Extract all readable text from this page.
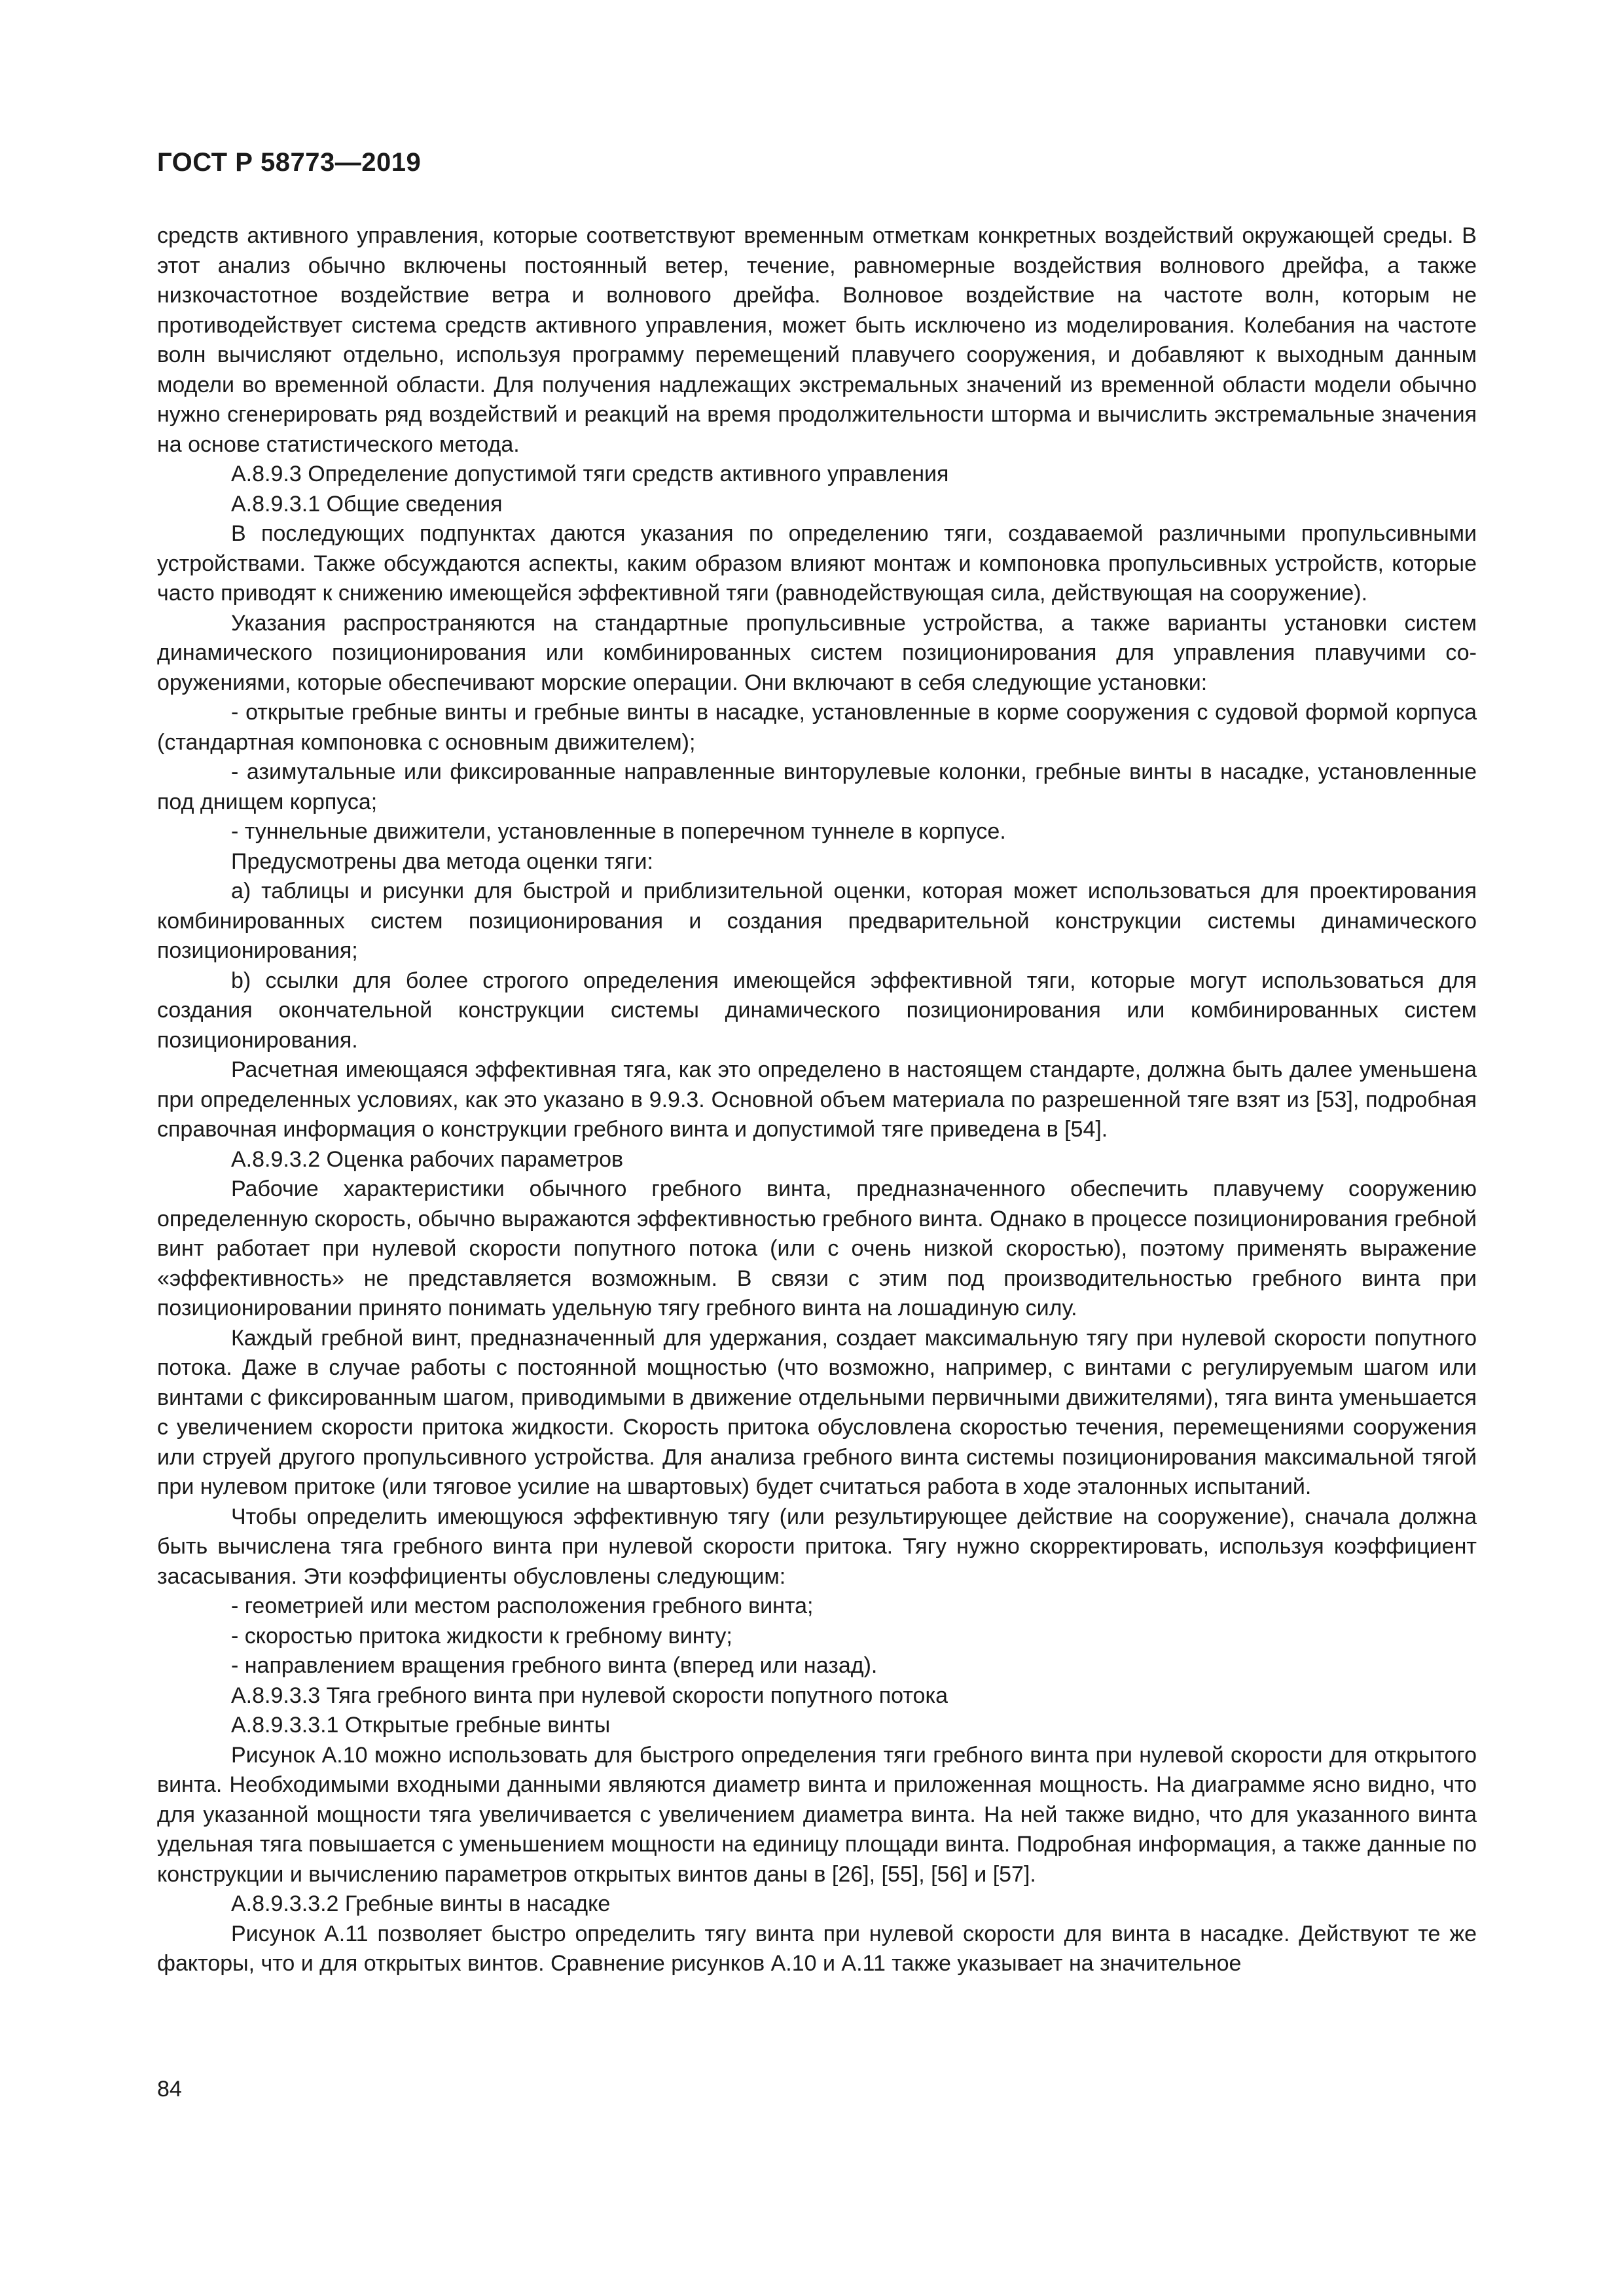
ГОСТ Р 58773—2019

средств активного управления, которые соответствуют временным отметкам конкретных воздействий окружающей среды. В этот анализ обычно включены постоянный ветер, течение, равномерные воздействия волнового дрейфа, а также низкочастотное воздействие ветра и волнового дрейфа. Волновое воздействие на частоте волн, которым не противодействует система средств активного управления, может быть исключено из моделирования. Колебания на частоте волн вычисляют отдельно, используя программу перемещений плавучего сооружения, и добавляют к выходным данным модели во временной области. Для получения надлежащих экстремальных значений из временной области модели обычно нужно сгенерировать ряд воздействий и реакций на время продолжительности шторма и вычислить экстремальные значения на основе статистического метода.

А.8.9.3 Определение допустимой тяги средств активного управления

А.8.9.3.1 Общие сведения

В последующих подпунктах даются указания по определению тяги, создаваемой различными пропульсивными устройствами. Также обсуждаются аспекты, каким образом влияют монтаж и компоновка пропульсивных устройств, которые часто приводят к снижению имеющейся эффективной тяги (равнодействующая сила, действующая на сооружение).

Указания распространяются на стандартные пропульсивные устройства, а также варианты установки систем динамического позиционирования или комбинированных систем позиционирования для управления плавучими сооружениями, которые обеспечивают морские операции. Они включают в себя следующие установки:

- открытые гребные винты и гребные винты в насадке, установленные в корме сооружения с судовой формой корпуса (стандартная компоновка с основным движителем);

- азимутальные или фиксированные направленные винторулевые колонки, гребные винты в насадке, установленные под днищем корпуса;

- туннельные движители, установленные в поперечном туннеле в корпусе.

Предусмотрены два метода оценки тяги:

а) таблицы и рисунки для быстрой и приблизительной оценки, которая может использоваться для проектирования комбинированных систем позиционирования и создания предварительной конструкции системы динамического позиционирования;

b) ссылки для более строгого определения имеющейся эффективной тяги, которые могут использоваться для создания окончательной конструкции системы динамического позиционирования или комбинированных систем позиционирования.

Расчетная имеющаяся эффективная тяга, как это определено в настоящем стандарте, должна быть далее уменьшена при определенных условиях, как это указано в 9.9.3. Основной объем материала по разрешенной тяге взят из [53], подробная справочная информация о конструкции гребного винта и допустимой тяге приведена в [54].

А.8.9.3.2 Оценка рабочих параметров

Рабочие характеристики обычного гребного винта, предназначенного обеспечить плавучему сооружению определенную скорость, обычно выражаются эффективностью гребного винта. Однако в процессе позиционирования гребной винт работает при нулевой скорости попутного потока (или с очень низкой скоростью), поэтому применять выражение «эффективность» не представляется возможным. В связи с этим под производительностью гребного винта при позиционировании принято понимать удельную тягу гребного винта на лошадиную силу.

Каждый гребной винт, предназначенный для удержания, создает максимальную тягу при нулевой скорости попутного потока. Даже в случае работы с постоянной мощностью (что возможно, например, с винтами с регулируемым шагом или винтами с фиксированным шагом, приводимыми в движение отдельными первичными движителями), тяга винта уменьшается с увеличением скорости притока жидкости. Скорость притока обусловлена скоростью течения, перемещениями сооружения или струей другого пропульсивного устройства. Для анализа гребного винта системы позиционирования максимальной тягой при нулевом притоке (или тяговое усилие на швартовых) будет считаться работа в ходе эталонных испытаний.

Чтобы определить имеющуюся эффективную тягу (или результирующее действие на сооружение), сначала должна быть вычислена тяга гребного винта при нулевой скорости притока. Тягу нужно скорректировать, используя коэффициент засасывания. Эти коэффициенты обусловлены следующим:

- геометрией или местом расположения гребного винта;

- скоростью притока жидкости к гребному винту;

- направлением вращения гребного винта (вперед или назад).

А.8.9.3.3 Тяга гребного винта при нулевой скорости попутного потока

А.8.9.3.3.1 Открытые гребные винты

Рисунок А.10 можно использовать для быстрого определения тяги гребного винта при нулевой скорости для открытого винта. Необходимыми входными данными являются диаметр винта и приложенная мощность. На диаграмме ясно видно, что для указанной мощности тяга увеличивается с увеличением диаметра винта. На ней также видно, что для указанного винта удельная тяга повышается с уменьшением мощности на единицу площади винта. Подробная информация, а также данные по конструкции и вычислению параметров открытых винтов даны в [26], [55], [56] и [57].

А.8.9.3.3.2 Гребные винты в насадке

Рисунок А.11 позволяет быстро определить тягу винта при нулевой скорости для винта в насадке. Действуют те же факторы, что и для открытых винтов. Сравнение рисунков А.10 и А.11 также указывает на значительное

84
